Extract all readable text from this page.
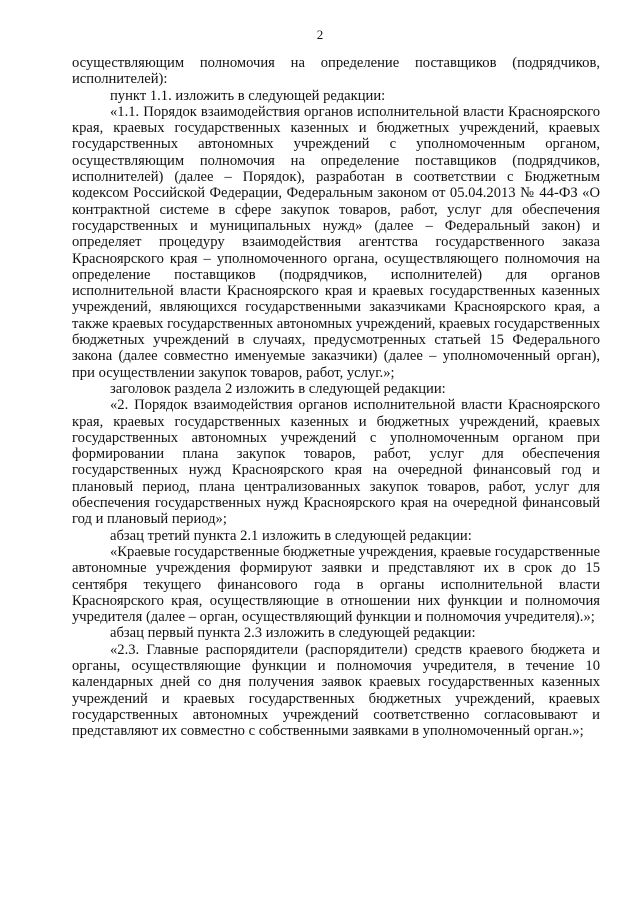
2

осуществляющим полномочия на определение поставщиков (подрядчиков, исполнителей):

пункт 1.1. изложить в следующей редакции:

«1.1. Порядок взаимодействия органов исполнительной власти Красноярского края, краевых государственных казенных и бюджетных учреждений, краевых государственных автономных учреждений с уполномоченным органом, осуществляющим полномочия на определение поставщиков (подрядчиков, исполнителей) (далее – Порядок), разработан в соответствии с Бюджетным кодексом Российской Федерации, Федеральным законом от 05.04.2013 № 44-ФЗ «О контрактной системе в сфере закупок товаров, работ, услуг для обеспечения государственных и муниципальных нужд» (далее – Федеральный закон) и определяет процедуру взаимодействия агентства государственного заказа Красноярского края – уполномоченного органа, осуществляющего полномочия на определение поставщиков (подрядчиков, исполнителей) для органов исполнительной власти Красноярского края и краевых государственных казенных учреждений, являющихся государственными заказчиками Красноярского края, а также краевых государственных автономных учреждений, краевых государственных бюджетных учреждений в случаях, предусмотренных статьей 15 Федерального закона (далее совместно именуемые заказчики) (далее – уполномоченный орган), при осуществлении закупок товаров, работ, услуг.»;

заголовок раздела 2 изложить в следующей редакции:

«2. Порядок взаимодействия органов исполнительной власти Красноярского края, краевых государственных казенных и бюджетных учреждений, краевых государственных автономных учреждений с уполномоченным органом при формировании плана закупок товаров, работ, услуг для обеспечения государственных нужд Красноярского края на очередной финансовый год и плановый период, плана централизованных закупок товаров, работ, услуг для обеспечения государственных нужд Красноярского края на очередной финансовый год и плановый период»;

абзац третий пункта 2.1 изложить в следующей редакции:

«Краевые государственные бюджетные учреждения, краевые государственные автономные учреждения формируют заявки и представляют их в срок до 15 сентября текущего финансового года в органы исполнительной власти Красноярского края, осуществляющие в отношении них функции и полномочия учредителя (далее – орган, осуществляющий функции и полномочия учредителя).»;

абзац первый пункта 2.3 изложить в следующей редакции:

«2.3. Главные распорядители (распорядители) средств краевого бюджета и органы, осуществляющие функции и полномочия учредителя, в течение 10 календарных дней со дня получения заявок краевых государственных казенных учреждений и краевых государственных бюджетных учреждений, краевых государственных автономных учреждений соответственно согласовывают и представляют их совместно с собственными заявками в уполномоченный орган.»;
